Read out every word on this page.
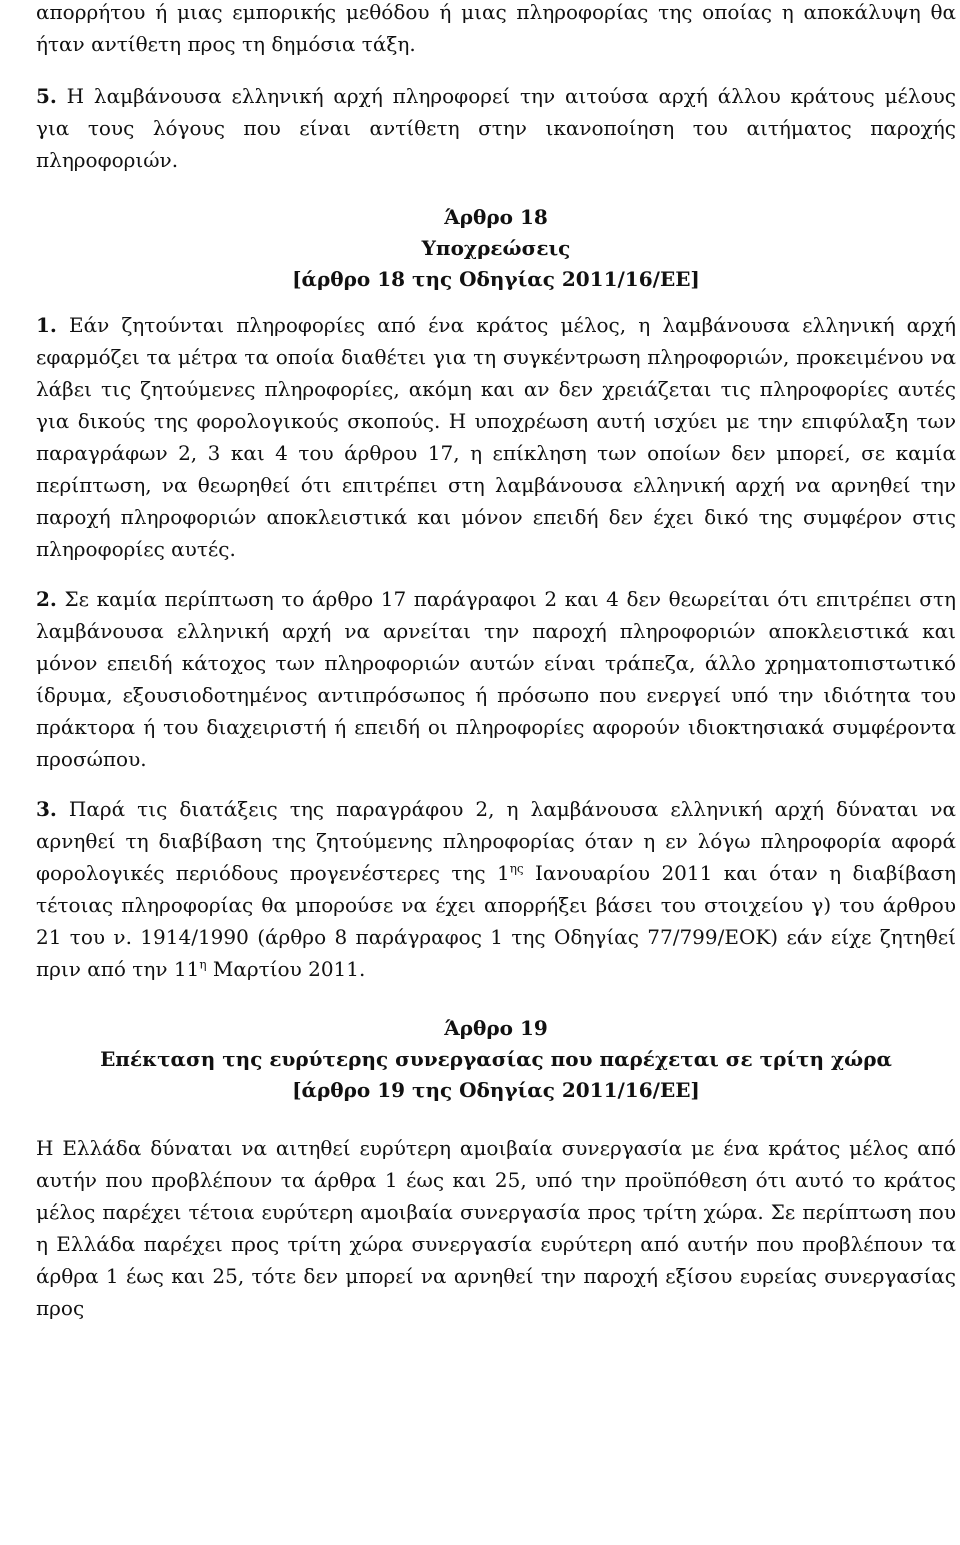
απορρήτου ή μιας εμπορικής μεθόδου ή μιας πληροφορίας της οποίας η αποκάλυψη θα ήταν αντίθετη προς τη δημόσια τάξη.

5. Η λαμβάνουσα ελληνική αρχή πληροφορεί την αιτούσα αρχή άλλου κράτους μέλους για τους λόγους που είναι αντίθετη στην ικανοποίηση του αιτήματος παροχής πληροφοριών.

Άρθρο 18

Υποχρεώσεις

[άρθρο 18 της Οδηγίας 2011/16/ΕΕ]

1. Εάν ζητούνται πληροφορίες από ένα κράτος μέλος, η λαμβάνουσα ελληνική αρχή εφαρμόζει τα μέτρα τα οποία διαθέτει για τη συγκέντρωση πληροφοριών, προκειμένου να λάβει τις ζητούμενες πληροφορίες, ακόμη και αν δεν χρειάζεται τις πληροφορίες αυτές για δικούς της φορολογικούς σκοπούς. Η υποχρέωση αυτή ισχύει με την επιφύλαξη των παραγράφων 2, 3 και 4 του άρθρου 17, η επίκληση των οποίων δεν μπορεί, σε καμία περίπτωση, να θεωρηθεί ότι επιτρέπει στη λαμβάνουσα ελληνική αρχή να αρνηθεί την παροχή πληροφοριών αποκλειστικά και μόνον επειδή δεν έχει δικό της συμφέρον στις πληροφορίες αυτές.

2. Σε καμία περίπτωση το άρθρο 17 παράγραφοι 2 και 4 δεν θεωρείται ότι επιτρέπει στη λαμβάνουσα ελληνική αρχή να αρνείται την παροχή πληροφοριών αποκλειστικά και μόνον επειδή κάτοχος των πληροφοριών αυτών είναι τράπεζα, άλλο χρηματοπιστωτικό ίδρυμα, εξουσιοδοτημένος αντιπρόσωπος ή πρόσωπο που ενεργεί υπό την ιδιότητα του πράκτορα ή του διαχειριστή ή επειδή οι πληροφορίες αφορούν ιδιοκτησιακά συμφέροντα προσώπου.

3. Παρά τις διατάξεις της παραγράφου 2, η λαμβάνουσα ελληνική αρχή δύναται να αρνηθεί τη διαβίβαση της ζητούμενης πληροφορίας όταν η εν λόγω πληροφορία αφορά φορολογικές περιόδους προγενέστερες της $1^{\eta\varsigma}$ Ιανουαρίου 2011 και όταν η διαβίβαση τέτοιας πληροφορίας θα μπορούσε να έχει απορρήξει βάσει του στοιχείου γ) του άρθρου 21 του ν. 1914/1990 (άρθρο 8 παράγραφος 1 της Οδηγίας 77/799/ΕΟΚ) εάν είχε ζητηθεί πριν από την $11^\eta$ Μαρτίου 2011.

Άρθρο 19

Επέκταση της ευρύτερης συνεργασίας που παρέχεται σε τρίτη χώρα

[άρθρο 19 της Οδηγίας 2011/16/ΕΕ]

Η Ελλάδα δύναται να αιτηθεί ευρύτερη αμοιβαία συνεργασία με ένα κράτος μέλος από αυτήν που προβλέπουν τα άρθρα 1 έως και 25, υπό την προϋπόθεση ότι αυτό το κράτος μέλος παρέχει τέτοια ευρύτερη αμοιβαία συνεργασία προς τρίτη χώρα. Σε περίπτωση που η Ελλάδα παρέχει προς τρίτη χώρα συνεργασία ευρύτερη από αυτήν που προβλέπουν τα άρθρα 1 έως και 25, τότε δεν μπορεί να αρνηθεί την παροχή εξίσου ευρείας συνεργασίας προς
